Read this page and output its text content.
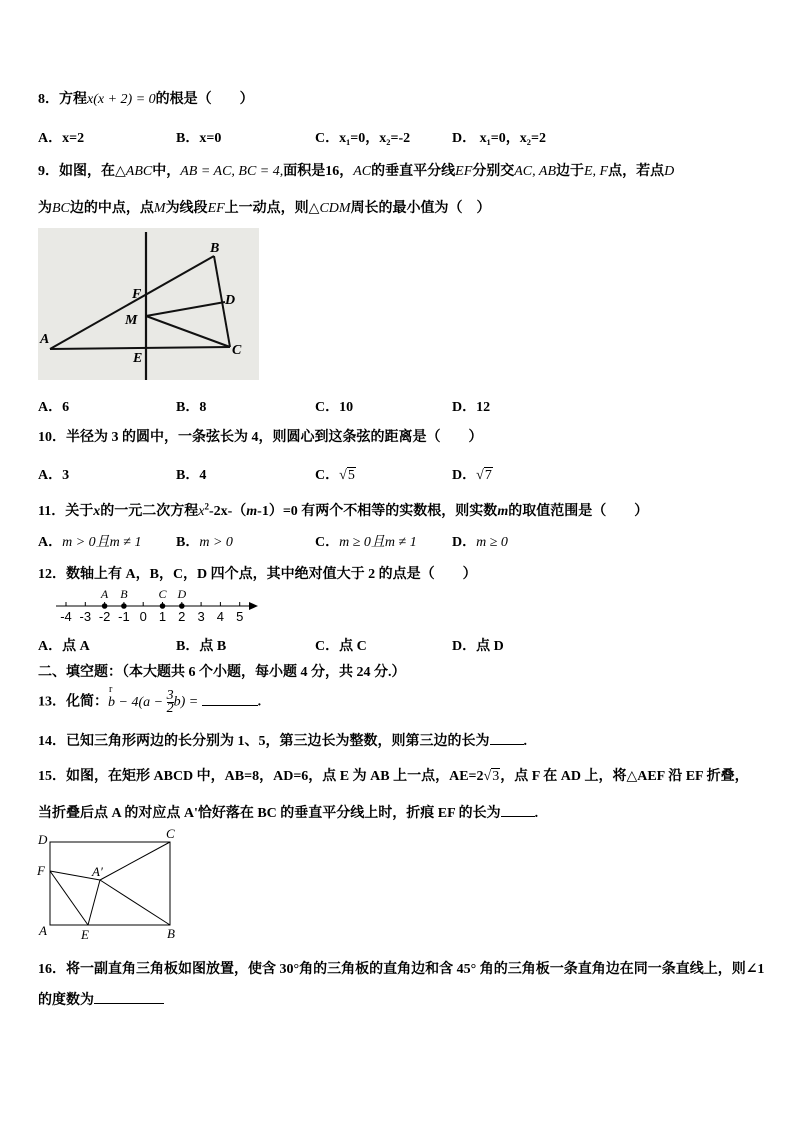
8．方程x(x + 2) = 0的根是（　　）
A．x=2	B．x=0	C．x₁=0，x₂=-2	D． x₁=0，x₂=2
9．如图，在△ABC中，AB = AC, BC = 4,面积是16，AC的垂直平分线EF分别交AC, AB边于E, F点，若点D
为BC边的中点，点M为线段EF上一动点，则△CDM周长的最小值为（　）
A
B
C
D
E
F
M
A．6	B．8	C．10	D．12
10．半径为 3 的圆中，一条弦长为 4，则圆心到这条弦的距离是（　　）
A．3	B．4	C．√5	D．√7
11．关于x的一元二次方程$x^2-2x-(m-1)=0$ 有两个不相等的实数根，则实数m的取值范围是（　　）
A．m > 0且m ≠ 1 B．m > 0	C．m ≥ 0且m ≠ 1	D．m ≥ 0
12．数轴上有 A，B，C，D 四个点，其中绝对值大于 2 的点是（　　）
-4 -3 -2 -1 0 1 2 3 4 5
A B	C D
A．点 A	B．点 B	C．点 C	D．点 D
二、填空题：（本大题共 6 个小题，每小题 4 分，共 24 分.）
13．化简：r $b - 4(a - \frac{3}{2} b)$ =	.
14．已知三角形两边的长分别为 1、5，第三边长为整数，则第三边的长为 .
15．如图，在矩形 ABCD 中，AB=8，AD=6，点 E 为 AB 上一点，AE=2√3，点 F 在 AD 上，将△AEF 沿 EF 折叠，
当折叠后点 A 的对应点 A'恰好落在 BC 的垂直平分线上时，折痕 EF 的长为 .
D	C
F	A′
A	E	B
16．将一副直角三角板如图放置，使含 30°角的三角板的直角边和含 45° 角的三角板一条直角边在同一条直线上，则∠1
的度数为
